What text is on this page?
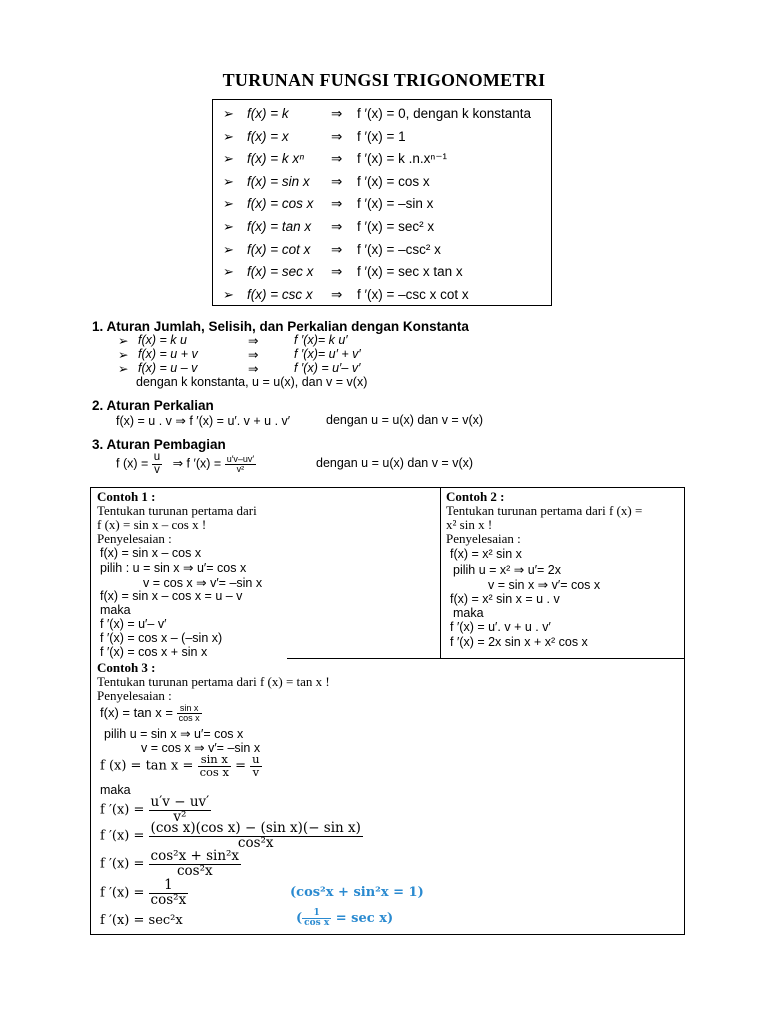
TURUNAN FUNGSI TRIGONOMETRI
➢ f(x) = k	⇒ f ′(x) = 0, dengan k konstanta
➢ f(x) = x	⇒ f ′(x) = 1
➢ f(x) = k xⁿ ⇒ f ′(x) = k .n.xⁿ⁻¹
➢ f(x) = sin x ⇒ f ′(x) = cos x
➢ f(x) = cos x ⇒ f ′(x) = –sin x
➢ f(x) = tan x ⇒ f ′(x) = sec² x
➢ f(x) = cot x ⇒ f ′(x) = –csc² x
➢ f(x) = sec x ⇒ f ′(x) = sec x tan x
➢ f(x) = csc x ⇒ f ′(x) = –csc x cot x
1. Aturan Jumlah, Selisih, dan Perkalian dengan Konstanta
➢ f(x) = k u	⇒	f ′(x)= k u′
➢ f(x) = u + v	⇒	f ′(x)= u′ + v′
➢ f(x) = u – v	⇒	f ′(x) = u′– v′
dengan k konstanta, u = u(x), dan v = v(x)
2. Aturan Perkalian
f(x) = u . v ⇒ f ′(x) = u′. v + u . v′	dengan u = u(x) dan v = v(x)
3. Aturan Pembagian
f $(x) = \frac{u}{v}$ ⇒ f $'(x) = \frac{u'v-uv'}{\text{v²}}$	dengan u = u(x) dan v = v(x)
Contoh 1 :
Tentukan turunan pertama dari
f (x) = sin x – cos x !
Penyelesaian :
f(x) = sin x – cos x
pilih : u = sin x ⇒ u′= cos x
v = cos x ⇒ v′= –sin x
f(x) = sin x – cos x = u – v
maka
f ′(x) = u′– v′
f ′(x) = cos x – (–sin x)
f ′(x) = cos x + sin x
Contoh 2 :
Tentukan turunan pertama dari f (x) =
x² sin x !
Penyelesaian :
f(x) = x² sin x
pilih u = x² ⇒ u′= 2x
v = sin x ⇒ v′= cos x
f(x) = x² sin x = u . v
maka
f ′(x) = u′. v + u . v′
f ′(x) = 2x sin x + x² cos x
Contoh 3 :
Tentukan turunan pertama dari f (x) = tan x !
Penyelesaian :
$f(x) = \tan x = \frac{\text{sin x}}{\text{cos x}}$
pilih u = sin x ⇒ u′= cos x
v = cos x ⇒ v′= –sin x
f $(x) = \tan x = \frac{\text{sin x}}{\text{cos x}} = \frac{u}{v}$
maka
f $'(x) = \frac{u'v - uv'}{\text{v²}}$
f $'(x) = \frac{\text{(cos x)(cos x) − (sin x)(− sin x)}}{\text{cos²x}}$
f $'(x) = \frac{\text{cos²x + sin²x}}{\text{cos²x}}$
f $'(x) = \frac{1}{\text{cos²x}}$	(cos²x + sin²x = 1)
f ′(x) = sec²x	( $\frac{1}{\text{cos x}} = \sec x$)
